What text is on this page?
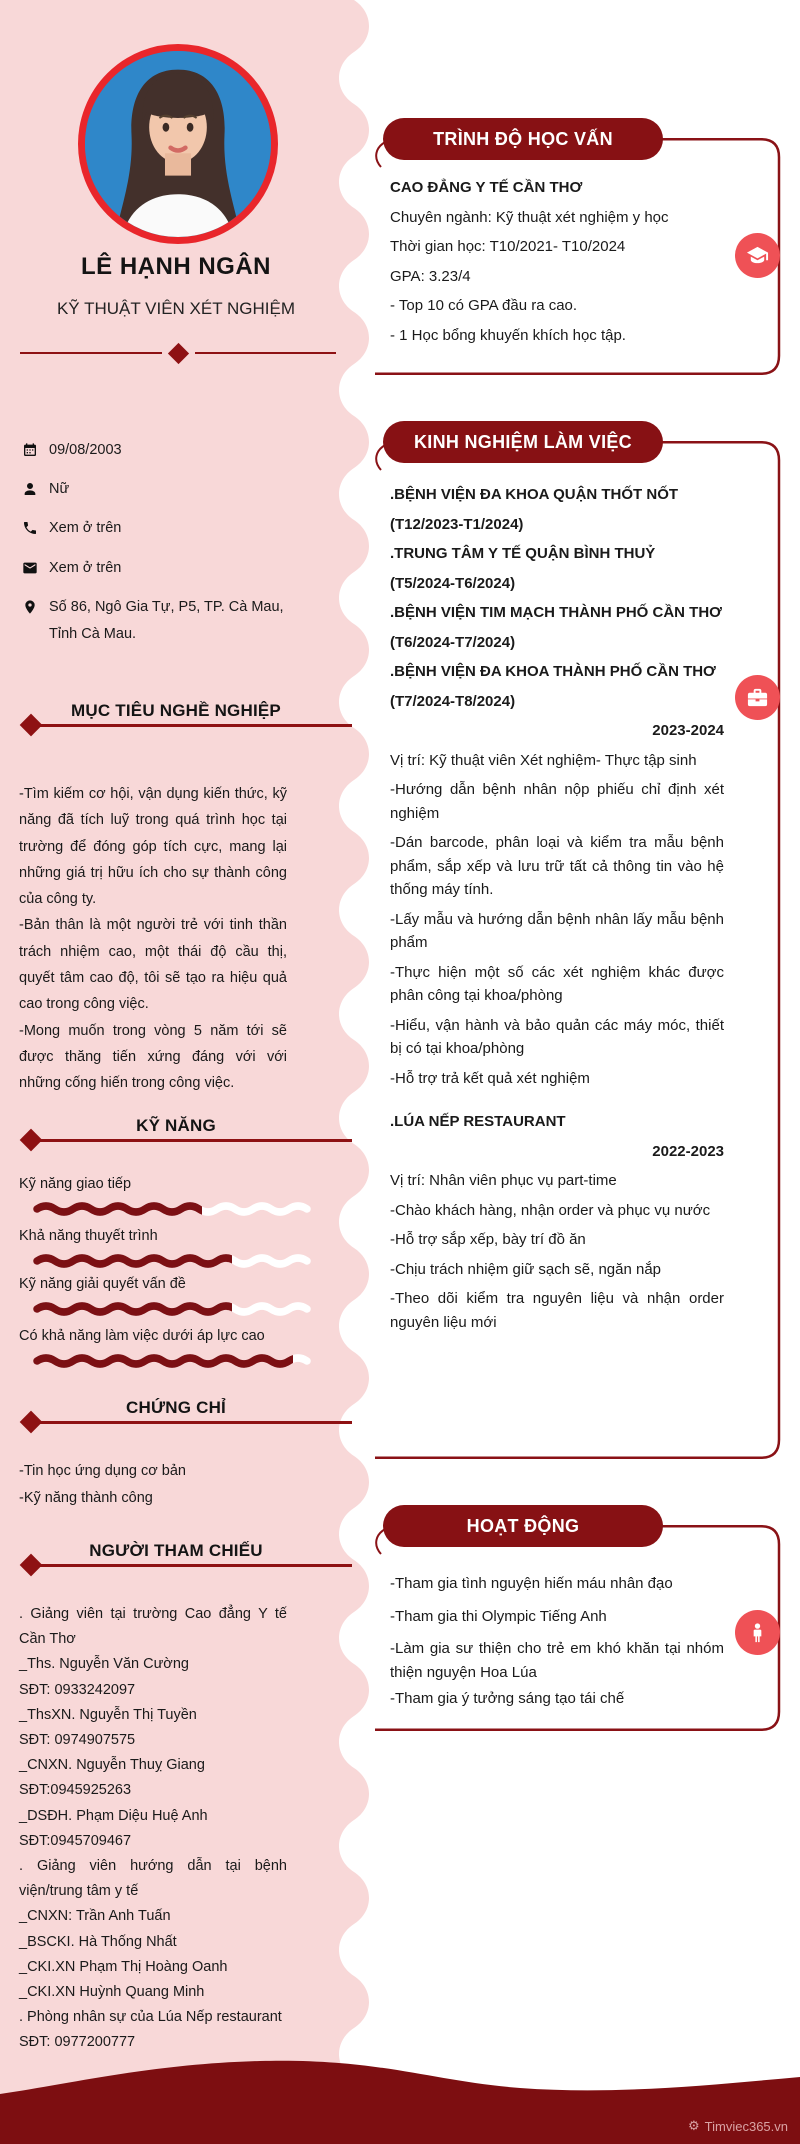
LÊ HẠNH NGÂN
KỸ THUẬT VIÊN XÉT NGHIỆM
09/08/2003
Nữ
Xem ở trên
Xem ở trên
Số 86, Ngô Gia Tự, P5, TP. Cà Mau, Tỉnh Cà Mau.
MỤC TIÊU NGHỀ NGHIỆP
-Tìm kiếm cơ hội, vận dụng kiến thức, kỹ năng đã tích luỹ trong quá trình học tại trường để đóng góp tích cực, mang lại những giá trị hữu ích cho sự thành công của công ty.
-Bản thân là một người trẻ với tinh thần trách nhiệm cao, một thái độ cầu thị, quyết tâm cao độ, tôi sẽ tạo ra hiệu quả cao trong công việc.
-Mong muốn trong vòng 5 năm tới sẽ được thăng tiến xứng đáng với với những cống hiến trong công việc.
KỸ NĂNG
Kỹ năng giao tiếp
Khả năng thuyết trình
Kỹ năng giải quyết vấn đề
Có khả năng làm việc dưới áp lực cao
CHỨNG CHỈ
-Tin học ứng dụng cơ bản
-Kỹ năng thành công
NGƯỜI THAM CHIẾU
. Giảng viên tại trường Cao đẳng Y tế Cần Thơ
_Ths. Nguyễn Văn Cường
SĐT: 0933242097
_ThsXN. Nguyễn Thị Tuyền
SĐT: 0974907575
_CNXN. Nguyễn Thuỵ Giang
SĐT:0945925263
_DSĐH. Phạm Diệu Huệ Anh
SĐT:0945709467
. Giảng viên hướng dẫn tại bệnh viện/trung tâm y tế
_CNXN: Trần Anh Tuấn
_BSCKI. Hà Thống Nhất
_CKI.XN Phạm Thị Hoàng Oanh
_CKI.XN Huỳnh Quang Minh
. Phòng nhân sự của Lúa Nếp restaurant
SĐT: 0977200777
TRÌNH ĐỘ HỌC VẤN
CAO ĐẲNG Y TẾ CẦN THƠ
Chuyên ngành: Kỹ thuật xét nghiệm y học
Thời gian học: T10/2021- T10/2024
GPA: 3.23/4
- Top 10 có GPA đầu ra cao.
- 1 Học bổng khuyến khích học tập.
KINH NGHIỆM LÀM VIỆC
.BỆNH VIỆN ĐA KHOA QUẬN THỐT NỐT
(T12/2023-T1/2024)
.TRUNG TÂM Y TẾ QUẬN BÌNH THUỶ
(T5/2024-T6/2024)
.BỆNH VIỆN TIM MẠCH THÀNH PHỐ CẦN THƠ
(T6/2024-T7/2024)
.BỆNH VIỆN ĐA KHOA THÀNH PHỐ CẦN THƠ
(T7/2024-T8/2024)
2023-2024
Vị trí: Kỹ thuật viên Xét nghiệm- Thực tập sinh
-Hướng dẫn bệnh nhân nộp phiếu chỉ định xét nghiệm
-Dán barcode, phân loại và kiểm tra mẫu bệnh phẩm, sắp xếp và lưu trữ tất cả thông tin vào hệ thống máy tính.
-Lấy mẫu và hướng dẫn bệnh nhân lấy mẫu bệnh phẩm
-Thực hiện một số các xét nghiệm khác được phân công tại khoa/phòng
-Hiểu, vận hành và bảo quản các máy móc, thiết bị có tại khoa/phòng
-Hỗ trợ trả kết quả xét nghiệm
.LÚA NẾP RESTAURANT
2022-2023
Vị trí: Nhân viên phục vụ part-time
-Chào khách hàng, nhận order và phục vụ nước
-Hỗ trợ sắp xếp, bày trí đồ ăn
-Chịu trách nhiệm giữ sạch sẽ, ngăn nắp
-Theo dõi kiểm tra nguyên liệu và nhận order nguyên liệu mới
HOẠT ĐỘNG
-Tham gia tình nguyện hiến máu nhân đạo
-Tham gia thi Olympic Tiếng Anh
-Làm gia sư thiện cho trẻ em khó khăn tại nhóm thiện nguyện Hoa Lúa
-Tham gia ý tưởng sáng tạo tái chế
⚙ Timviec365.vn
